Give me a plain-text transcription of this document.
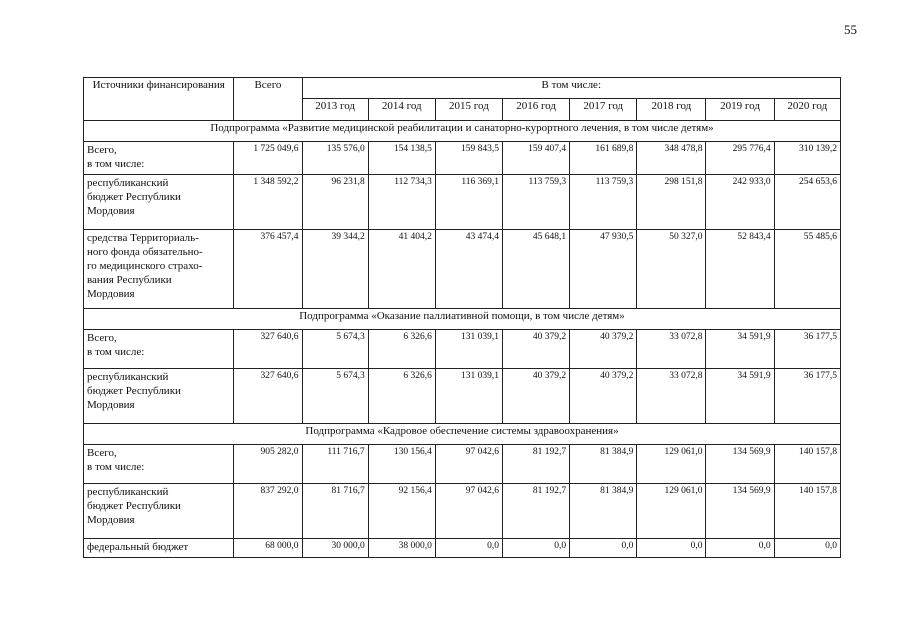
55
Источники финансирования	Всего	В том числе:							
		2013 год	2014 год	2015 год	2016 год	2017 год	2018 год	2019 год	2020 год
Подпрограмма «Развитие медицинской реабилитации и санаторно-курортного лечения, в том числе детям»									
Всего,
в том числе:	1 725 049,6	135 576,0	154 138,5	159 843,5	159 407,4	161 689,8	348 478,8	295 776,4	310 139,2
республиканский
бюджет Республики
Мордовия	1 348 592,2	96 231,8	112 734,3	116 369,1	113 759,3	113 759,3	298 151,8	242 933,0	254 653,6
средства Территориаль-
ного фонда обязательно-
го медицинского страхо-
вания Республики
Мордовия	376 457,4	39 344,2	41 404,2	43 474,4	45 648,1	47 930,5	50 327,0	52 843,4	55 485,6
Подпрограмма «Оказание паллиативной помощи, в том числе детям»									
Всего,
в том числе:	327 640,6	5 674,3	6 326,6	131 039,1	40 379,2	40 379,2	33 072,8	34 591,9	36 177,5
республиканский
бюджет Республики
Мордовия	327 640,6	5 674,3	6 326,6	131 039,1	40 379,2	40 379,2	33 072,8	34 591,9	36 177,5
Подпрограмма «Кадровое обеспечение системы здравоохранения»									
Всего,
в том числе:	905 282,0	111 716,7	130 156,4	97 042,6	81 192,7	81 384,9	129 061,0	134 569,9	140 157,8
республиканский
бюджет Республики
Мордовия	837 292,0	81 716,7	92 156,4	97 042,6	81 192,7	81 384,9	129 061,0	134 569,9	140 157,8
федеральный бюджет	68 000,0	30 000,0	38 000,0	0,0	0,0	0,0	0,0	0,0	0,0
